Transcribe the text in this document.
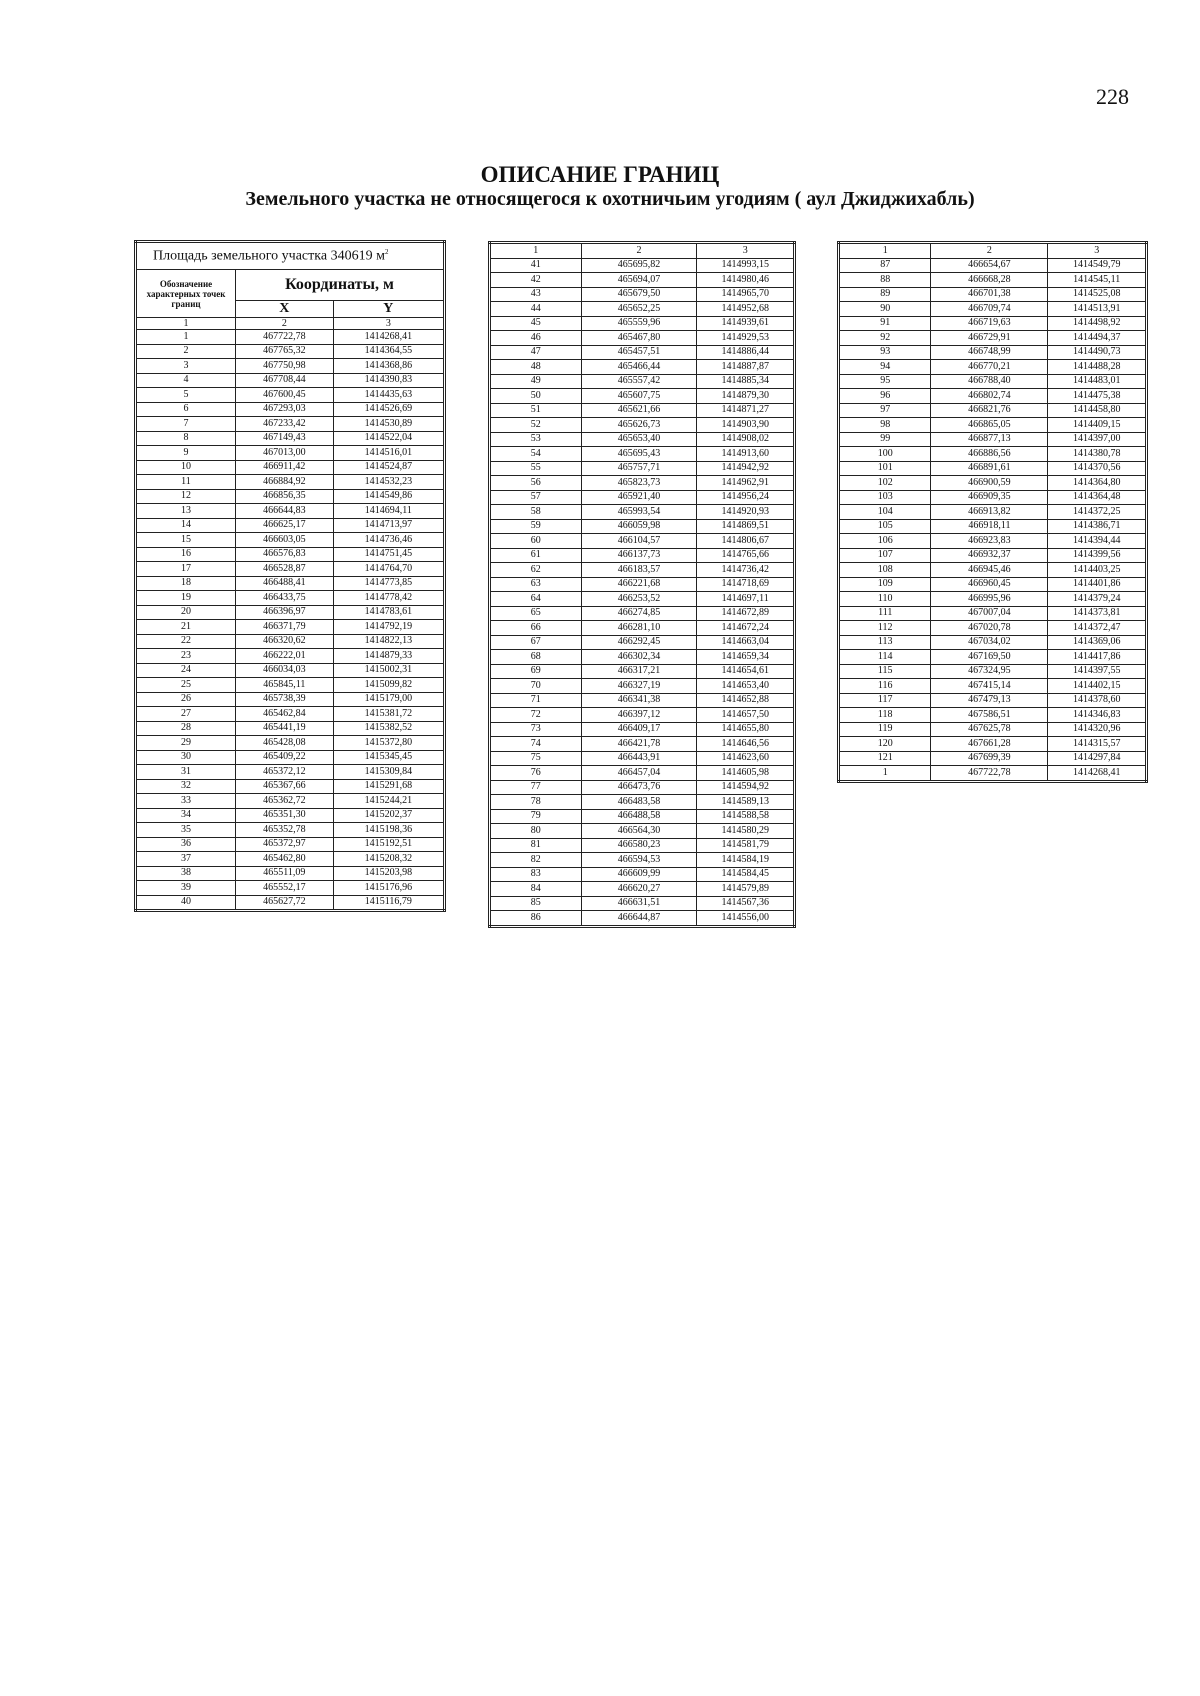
228
ОПИСАНИЕ ГРАНИЦ
Земельного участка не относящегося к охотничьим угодиям ( аул Джиджихабль)
Площадь земельного участка 340619 $м^2$
Обозначение характерных точек границ	Координаты, м	
	X	Y
1	2	3
1	467722,78	1414268,41
2	467765,32	1414364,55
3	467750,98	1414368,86
4	467708,44	1414390,83
5	467600,45	1414435,63
6	467293,03	1414526,69
7	467233,42	1414530,89
8	467149,43	1414522,04
9	467013,00	1414516,01
10	466911,42	1414524,87
11	466884,92	1414532,23
12	466856,35	1414549,86
13	466644,83	1414694,11
14	466625,17	1414713,97
15	466603,05	1414736,46
16	466576,83	1414751,45
17	466528,87	1414764,70
18	466488,41	1414773,85
19	466433,75	1414778,42
20	466396,97	1414783,61
21	466371,79	1414792,19
22	466320,62	1414822,13
23	466222,01	1414879,33
24	466034,03	1415002,31
25	465845,11	1415099,82
26	465738,39	1415179,00
27	465462,84	1415381,72
28	465441,19	1415382,52
29	465428,08	1415372,80
30	465409,22	1415345,45
31	465372,12	1415309,84
32	465367,66	1415291,68
33	465362,72	1415244,21
34	465351,30	1415202,37
35	465352,78	1415198,36
36	465372,97	1415192,51
37	465462,80	1415208,32
38	465511,09	1415203,98
39	465552,17	1415176,96
40	465627,72	1415116,79
1	2	3
41	465695,82	1414993,15
42	465694,07	1414980,46
43	465679,50	1414965,70
44	465652,25	1414952,68
45	465559,96	1414939,61
46	465467,80	1414929,53
47	465457,51	1414886,44
48	465466,44	1414887,87
49	465557,42	1414885,34
50	465607,75	1414879,30
51	465621,66	1414871,27
52	465626,73	1414903,90
53	465653,40	1414908,02
54	465695,43	1414913,60
55	465757,71	1414942,92
56	465823,73	1414962,91
57	465921,40	1414956,24
58	465993,54	1414920,93
59	466059,98	1414869,51
60	466104,57	1414806,67
61	466137,73	1414765,66
62	466183,57	1414736,42
63	466221,68	1414718,69
64	466253,52	1414697,11
65	466274,85	1414672,89
66	466281,10	1414672,24
67	466292,45	1414663,04
68	466302,34	1414659,34
69	466317,21	1414654,61
70	466327,19	1414653,40
71	466341,38	1414652,88
72	466397,12	1414657,50
73	466409,17	1414655,80
74	466421,78	1414646,56
75	466443,91	1414623,60
76	466457,04	1414605,98
77	466473,76	1414594,92
78	466483,58	1414589,13
79	466488,58	1414588,58
80	466564,30	1414580,29
81	466580,23	1414581,79
82	466594,53	1414584,19
83	466609,99	1414584,45
84	466620,27	1414579,89
85	466631,51	1414567,36
86	466644,87	1414556,00
1	2	3
87	466654,67	1414549,79
88	466668,28	1414545,11
89	466701,38	1414525,08
90	466709,74	1414513,91
91	466719,63	1414498,92
92	466729,91	1414494,37
93	466748,99	1414490,73
94	466770,21	1414488,28
95	466788,40	1414483,01
96	466802,74	1414475,38
97	466821,76	1414458,80
98	466865,05	1414409,15
99	466877,13	1414397,00
100	466886,56	1414380,78
101	466891,61	1414370,56
102	466900,59	1414364,80
103	466909,35	1414364,48
104	466913,82	1414372,25
105	466918,11	1414386,71
106	466923,83	1414394,44
107	466932,37	1414399,56
108	466945,46	1414403,25
109	466960,45	1414401,86
110	466995,96	1414379,24
111	467007,04	1414373,81
112	467020,78	1414372,47
113	467034,02	1414369,06
114	467169,50	1414417,86
115	467324,95	1414397,55
116	467415,14	1414402,15
117	467479,13	1414378,60
118	467586,51	1414346,83
119	467625,78	1414320,96
120	467661,28	1414315,57
121	467699,39	1414297,84
1	467722,78	1414268,41
